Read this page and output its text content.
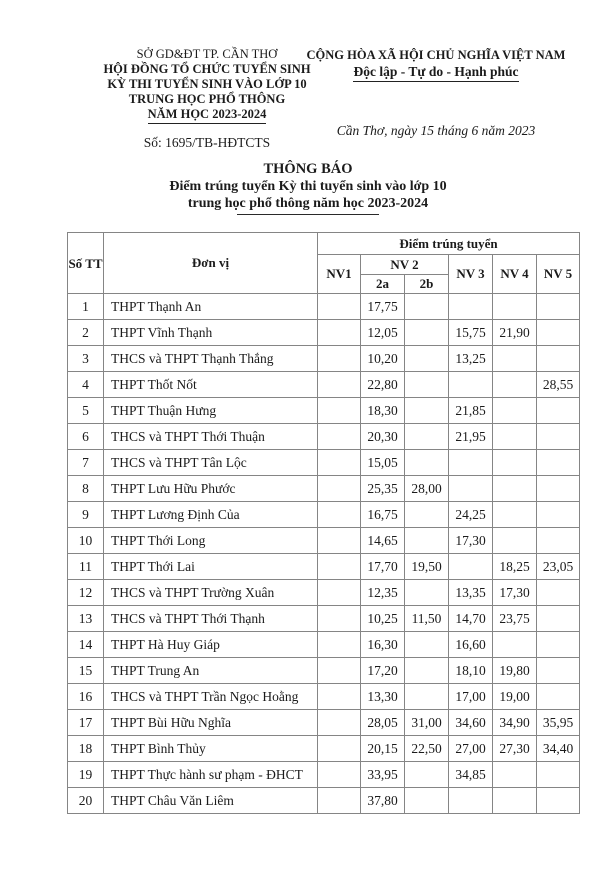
SỞ GD&ĐT TP. CẦN THƠ
HỘI ĐỒNG TỔ CHỨC TUYỂN SINH
KỲ THI TUYỂN SINH VÀO LỚP 10
TRUNG HỌC PHỔ THÔNG
NĂM HỌC 2023-2024
Số: 1695/TB-HĐTCTS
CỘNG HÒA XÃ HỘI CHỦ NGHĨA VIỆT NAM
Độc lập - Tự do - Hạnh phúc
Cần Thơ, ngày 15 tháng 6 năm 2023
THÔNG BÁO
Điểm trúng tuyển Kỳ thi tuyển sinh vào lớp 10
trung học phổ thông năm học 2023-2024
Số TT	Đơn vị	Điểm trúng tuyển					
		NV1	NV 2		NV 3	NV 4	NV 5
			2a	2b			
1	THPT Thạnh An		17,75				
2	THPT Vĩnh Thạnh		12,05		15,75	21,90	
3	THCS và THPT Thạnh Thắng		10,20		13,25		
4	THPT Thốt Nốt		22,80				28,55
5	THPT Thuận Hưng		18,30		21,85		
6	THCS và THPT Thới Thuận		20,30		21,95		
7	THCS và THPT Tân Lộc		15,05				
8	THPT Lưu Hữu Phước		25,35	28,00			
9	THPT Lương Định Của		16,75		24,25		
10	THPT Thới Long		14,65		17,30		
11	THPT Thới Lai		17,70	19,50		18,25	23,05
12	THCS và THPT Trường Xuân		12,35		13,35	17,30	
13	THCS và THPT Thới Thạnh		10,25	11,50	14,70	23,75	
14	THPT Hà Huy Giáp		16,30		16,60		
15	THPT Trung An		17,20		18,10	19,80	
16	THCS và THPT Trần Ngọc Hoằng		13,30		17,00	19,00	
17	THPT Bùi Hữu Nghĩa		28,05	31,00	34,60	34,90	35,95
18	THPT Bình Thủy		20,15	22,50	27,00	27,30	34,40
19	THPT Thực hành sư phạm - ĐHCT		33,95		34,85		
20	THPT Châu Văn Liêm		37,80				
